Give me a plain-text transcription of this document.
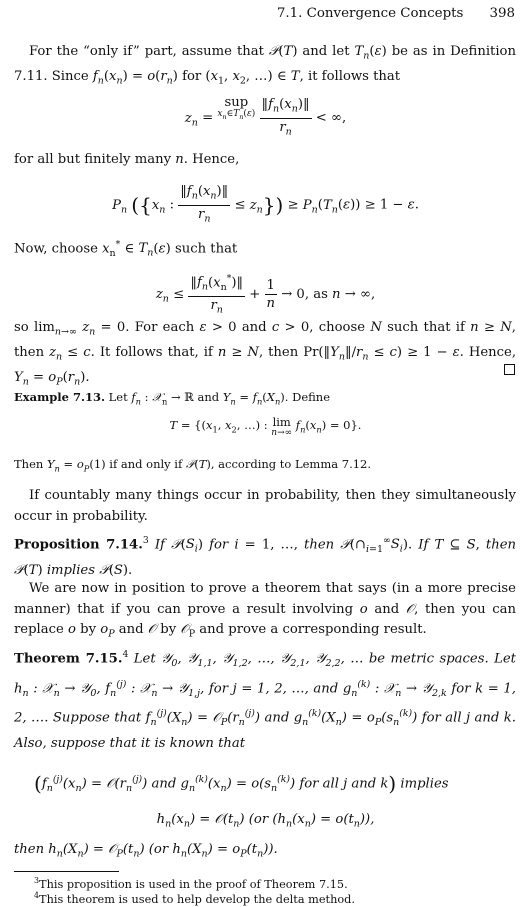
7.1. Convergence Concepts 398
For the “only if” part, assume that 𝒫(T) and let $T_n(\varepsilon)$ be as in Definition 7.11. Since $f_n(x_n) = o(r_n)$ for ($x_1$, $x_2$, …) ∈ T, it follows that
$z_n$ = sup
$x_n\in T_n(\varepsilon)$
$\frac{‖f_n(x_n)‖}{r_n}$ < ∞,
for all but finitely many n. Hence,
$P_n$ ({$x_n$ : $\frac{‖f_n(x_n)‖}{r_n} \le z_n\}) \ge P_n(T_n(\varepsilon)) \ge 1 - \varepsilon$.
Now, choose $x_n^*$ ∈ $T_n(\varepsilon)$ such that
$z_n \le \frac{‖f_n(x_n^*)‖}{r_n} + \frac{1}{n} \to 0$, as n → ∞,
so $\lim_{n\to\infty} z_n = 0$. For each ε > 0 and c > 0, choose N such that if n ≥ N, then $z_n \le c$. It follows that, if n ≥ N, then $Pr(‖Y_n‖/r_n \le c) \ge 1 - \varepsilon$. Hence, $Y_n = o_P(r_n)$.
Example 7.13. Let $f_n$ : 𝒳$_n$ → ℝ and $Y_n = f_n(X_n)$. Define
$T = \{(x_1$, $x_2$, …) : lim
n→∞
$f_n(x_n) = 0$}.
Then $Y_n = o_P(1)$ if and only if 𝒫(T), according to Lemma 7.12.
If countably many things occur in probability, then they simultaneously occur in probability.
Proposition 7.14.$^3$ If $𝒫(S_i)$ for i = 1, …, then $𝒫(\cap_{i=1}^\infty S_i)$. If T ⊆ S, then 𝒫(T) implies 𝒫(S).
We are now in position to prove a theorem that says (in a more precise manner) that if you can prove a result involving o and 𝒪, then you can replace o by $o_P$ and 𝒪 by 𝒪$_P$ and prove a corresponding result.
Theorem 7.15.$^4$ Let 𝒴$_0$, 𝒴$_{1,1}$, 𝒴$_{1,2}$, …, 𝒴$_{2,1}$, 𝒴$_{2,2}$, … be metric spaces. Let $h_n$ : 𝒳$_n$ → 𝒴$_0$, $f_n^{(j)}$ : 𝒳$_n$ → 𝒴$_{1,j}$, for j = 1, 2, …, and $g_n^{(k)}$ : 𝒳$_n$ → 𝒴$_{2,k}$ for k = 1, 2, …. Suppose that $f_n^{(j)}(X_n)$ = $𝒪_P(r_n^{(j)})$ and $g_n^{(k)}(X_n) = o_P(s_n^{(k)})$ for all j and k. Also, suppose that it is known that
($f_n^{(j)}(x_n)$ = $𝒪(r_n^{(j)})$ and $g_n^{(k)}(x_n) = o(s_n^{(k)})$ for all j and k) implies
$h_n(x_n)$ = $𝒪(t_n)$ (or $(h_n(x_n) = o(t_n))$,
then $h_n(X_n)$ = $𝒪_P(t_n)$ (or $h_n(X_n) = o_P(t_n)$).
$^3$This proposition is used in the proof of Theorem 7.15.
$^4$This theorem is used to help develop the delta method.
